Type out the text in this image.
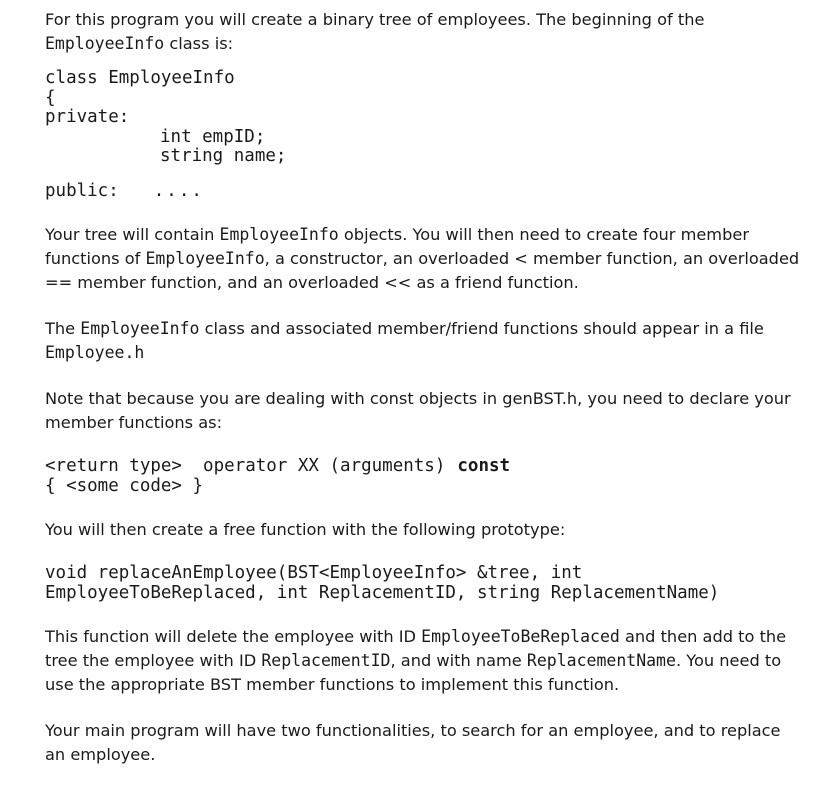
For this program you will create a binary tree of employees. The beginning of the EmployeeInfo class is:

class EmployeeInfo
{
private:
int empID;
string name;
public: ....

Your tree will contain EmployeeInfo objects. You will then need to create four member functions of EmployeeInfo, a constructor, an overloaded < member function, an overloaded == member function, and an overloaded << as a friend function.

The EmployeeInfo class and associated member/friend functions should appear in a file Employee.h

Note that because you are dealing with const objects in genBST.h, you need to declare your member functions as:

<return type> operator XX (arguments) const
{ <some code> }

You will then create a free function with the following prototype:

void replaceAnEmployee(BST<EmployeeInfo> &tree, int
EmployeeToBeReplaced, int ReplacementID, string ReplacementName)

This function will delete the employee with ID EmployeeToBeReplaced and then add to the tree the employee with ID ReplacementID, and with name ReplacementName. You need to use the appropriate BST member functions to implement this function.

Your main program will have two functionalities, to search for an employee, and to replace an employee.
